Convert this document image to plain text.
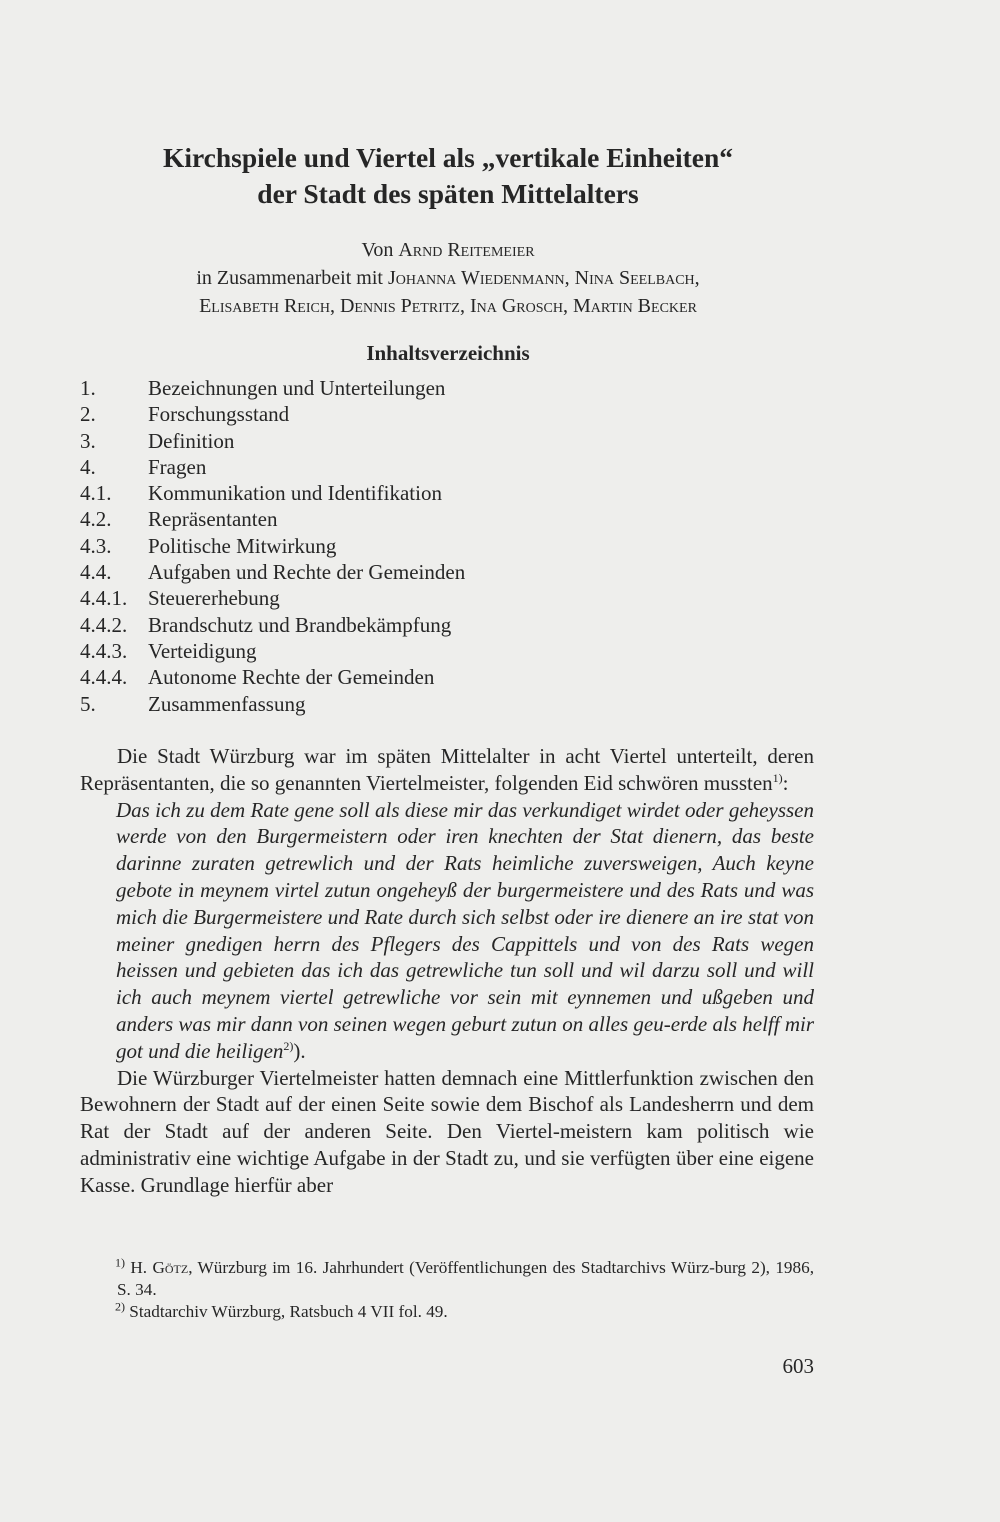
Kirchspiele und Viertel als „vertikale Einheiten“
der Stadt des späten Mittelalters
Von Arnd Reitemeier
in Zusammenarbeit mit Johanna Wiedenmann, Nina Seelbach,
Elisabeth Reich, Dennis Petritz, Ina Grosch, Martin Becker
Inhaltsverzeichnis
1.	Bezeichnungen und Unterteilungen
2.	Forschungsstand
3.	Definition
4.	Fragen
4.1.	Kommunikation und Identifikation
4.2.	Repräsentanten
4.3.	Politische Mitwirkung
4.4.	Aufgaben und Rechte der Gemeinden
4.4.1. Steuererhebung
4.4.2. Brandschutz und Brandbekämpfung
4.4.3. Verteidigung
4.4.4. Autonome Rechte der Gemeinden
5.	Zusammenfassung

Die Stadt Würzburg war im späten Mittelalter in acht Viertel unterteilt, deren Repräsentanten, die so genannten Viertelmeister, folgenden Eid schwören mussten$^{1)}$:

Das ich zu dem Rate gene soll als diese mir das verkundiget wirdet oder geheyssen werde von den Burgermeistern oder iren knechten der Stat dienern, das beste darinne zuraten getrewlich und der Rats heimliche zuversweigen, Auch keyne gebote in meynem virtel zutun ongeheyß der burgermeistere und des Rats und was mich die Burgermeistere und Rate durch sich selbst oder ire dienere an ire stat von meiner gnedigen herrn des Pflegers des Cappittels und von des Rats wegen heissen und gebieten das ich das getrewliche tun soll und wil darzu soll und will ich auch meynem viertel getrewliche vor sein mit eynnemen und ußgeben und anders was mir dann von seinen wegen geburt zutun on alles geu-erde als helff mir got und die heiligen$^{2)}$).

Die Würzburger Viertelmeister hatten demnach eine Mittlerfunktion zwischen den Bewohnern der Stadt auf der einen Seite sowie dem Bischof als Landesherrn und dem Rat der Stadt auf der anderen Seite. Den Viertel-meistern kam politisch wie administrativ eine wichtige Aufgabe in der Stadt zu, und sie verfügten über eine eigene Kasse. Grundlage hierfür aber

$^{1)}$ H. Götz, Würzburg im 16. Jahrhundert (Veröffentlichungen des Stadtarchivs Würz-burg 2), 1986, S. 34.

$^{2)}$ Stadtarchiv Würzburg, Ratsbuch 4 VII fol. 49.

603
